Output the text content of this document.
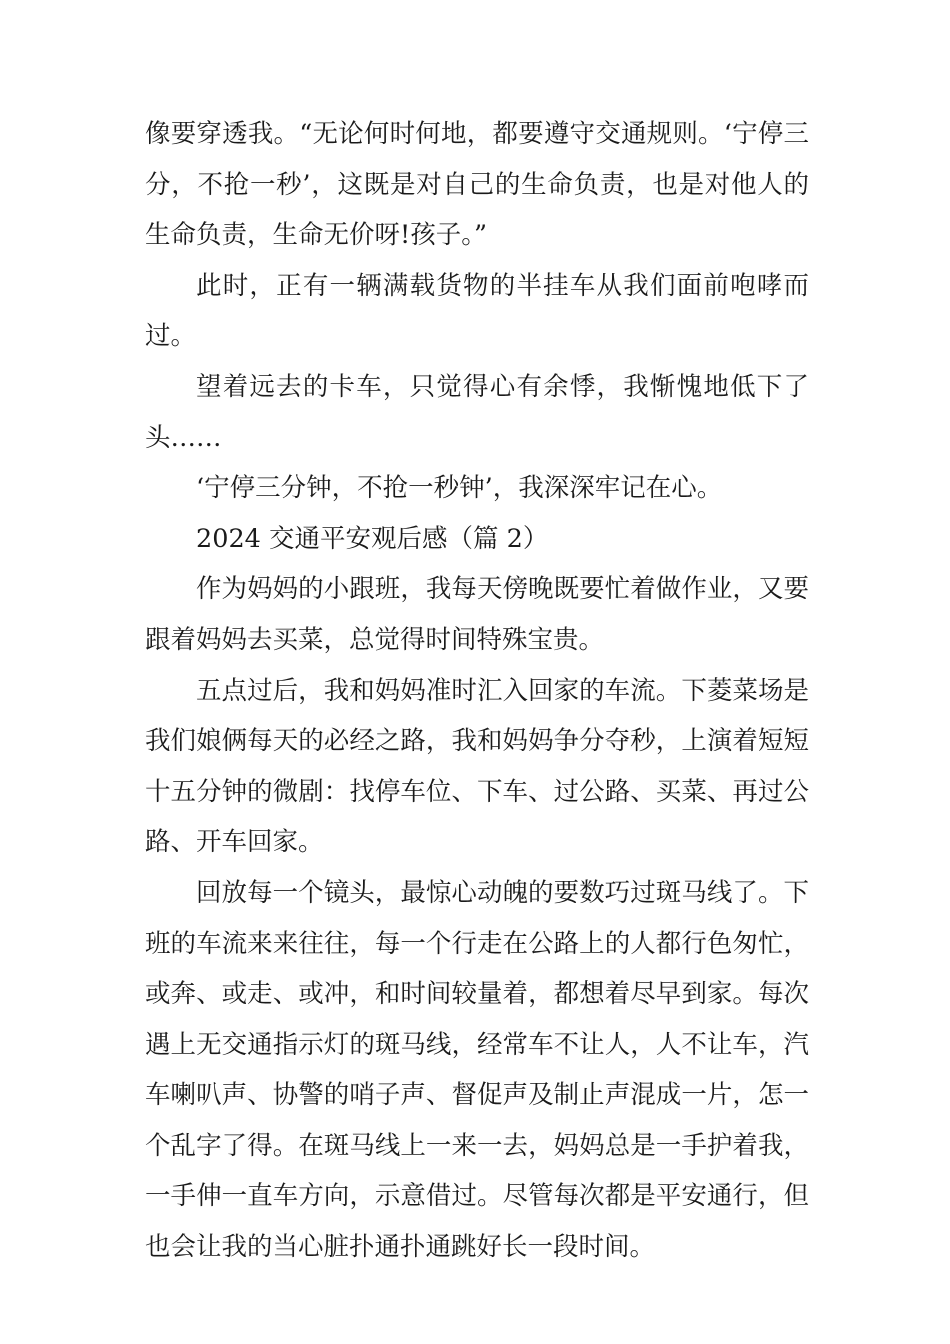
像要穿透我。“无论何时何地，都要遵守交通规则。‘宁停三分，不抢一秒’，这既是对自己的生命负责，也是对他人的生命负责，生命无价呀!孩子。”

此时，正有一辆满载货物的半挂车从我们面前咆哮而过。

望着远去的卡车，只觉得心有余悸，我惭愧地低下了头……

‘宁停三分钟，不抢一秒钟’，我深深牢记在心。

2024 交通平安观后感（篇 2）

作为妈妈的小跟班，我每天傍晚既要忙着做作业，又要跟着妈妈去买菜，总觉得时间特殊宝贵。

五点过后，我和妈妈准时汇入回家的车流。下菱菜场是我们娘俩每天的必经之路，我和妈妈争分夺秒，上演着短短十五分钟的微剧：找停车位、下车、过公路、买菜、再过公路、开车回家。

回放每一个镜头，最惊心动魄的要数巧过斑马线了。下班的车流来来往往，每一个行走在公路上的人都行色匆忙，或奔、或走、或冲，和时间较量着，都想着尽早到家。每次遇上无交通指示灯的斑马线，经常车不让人，人不让车，汽车喇叭声、协警的哨子声、督促声及制止声混成一片，怎一个乱字了得。在斑马线上一来一去，妈妈总是一手护着我，一手伸一直车方向，示意借过。尽管每次都是平安通行，但也会让我的当心脏扑通扑通跳好长一段时间。
